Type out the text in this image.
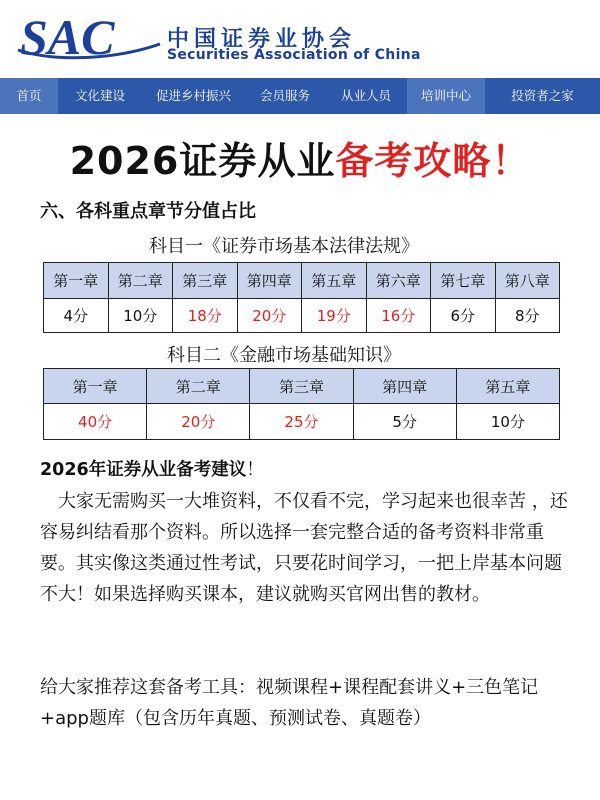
SAC 中国证券业协会
Securities Association of China
首页	文化建设	促进乡村振兴	会员服务	从业人员	培训中心	投资者之家
2026证券从业备考攻略！
六、各科重点章节分值占比
科目一《证券市场基本法律法规》
第一章	第二章	第三章	第四章	第五章	第六章	第七章	第八章
4分	10分	18分	20分	19分	16分	6分	8分
科目二《金融市场基础知识》
第一章	第二章	第三章	第四章	第五章
40分	20分	25分	5分	10分
2026年证券从业备考建议！

大家无需购买一大堆资料，不仅看不完，学习起来也很幸苦 ，还容易纠结看那个资料。所以选择一套完整合适的备考资料非常重要。其实像这类通过性考试，只要花时间学习，一把上岸基本问题不大！如果选择购买课本，建议就购买官网出售的教材。

给大家推荐这套备考工具：视频课程+课程配套讲义+三色笔记+app题库（包含历年真题、预测试卷、真题卷）
